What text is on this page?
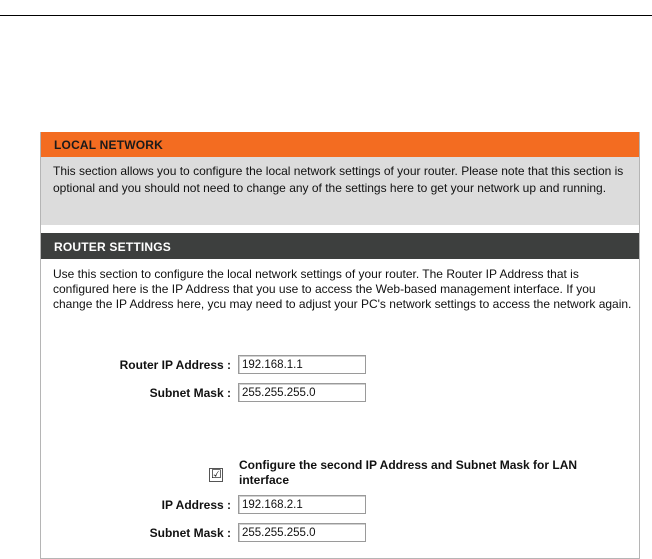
LOCAL NETWORK

This section allows you to configure the local network settings of your router. Please note that this section is optional and you should not need to change any of the settings here to get your network up and running.

ROUTER SETTINGS

Use this section to configure the local network settings of your router. The Router IP Address that is configured here is the IP Address that you use to access the Web-based management interface. If you change the IP Address here, ycu may need to adjust your PC's network settings to access the network again.

Router IP Address :
192.168.1.1
Subnet Mask :
255.255.255.0
☑
Configure the second IP Address and Subnet Mask for LAN interface
IP Address :
192.168.2.1
Subnet Mask :
255.255.255.0
